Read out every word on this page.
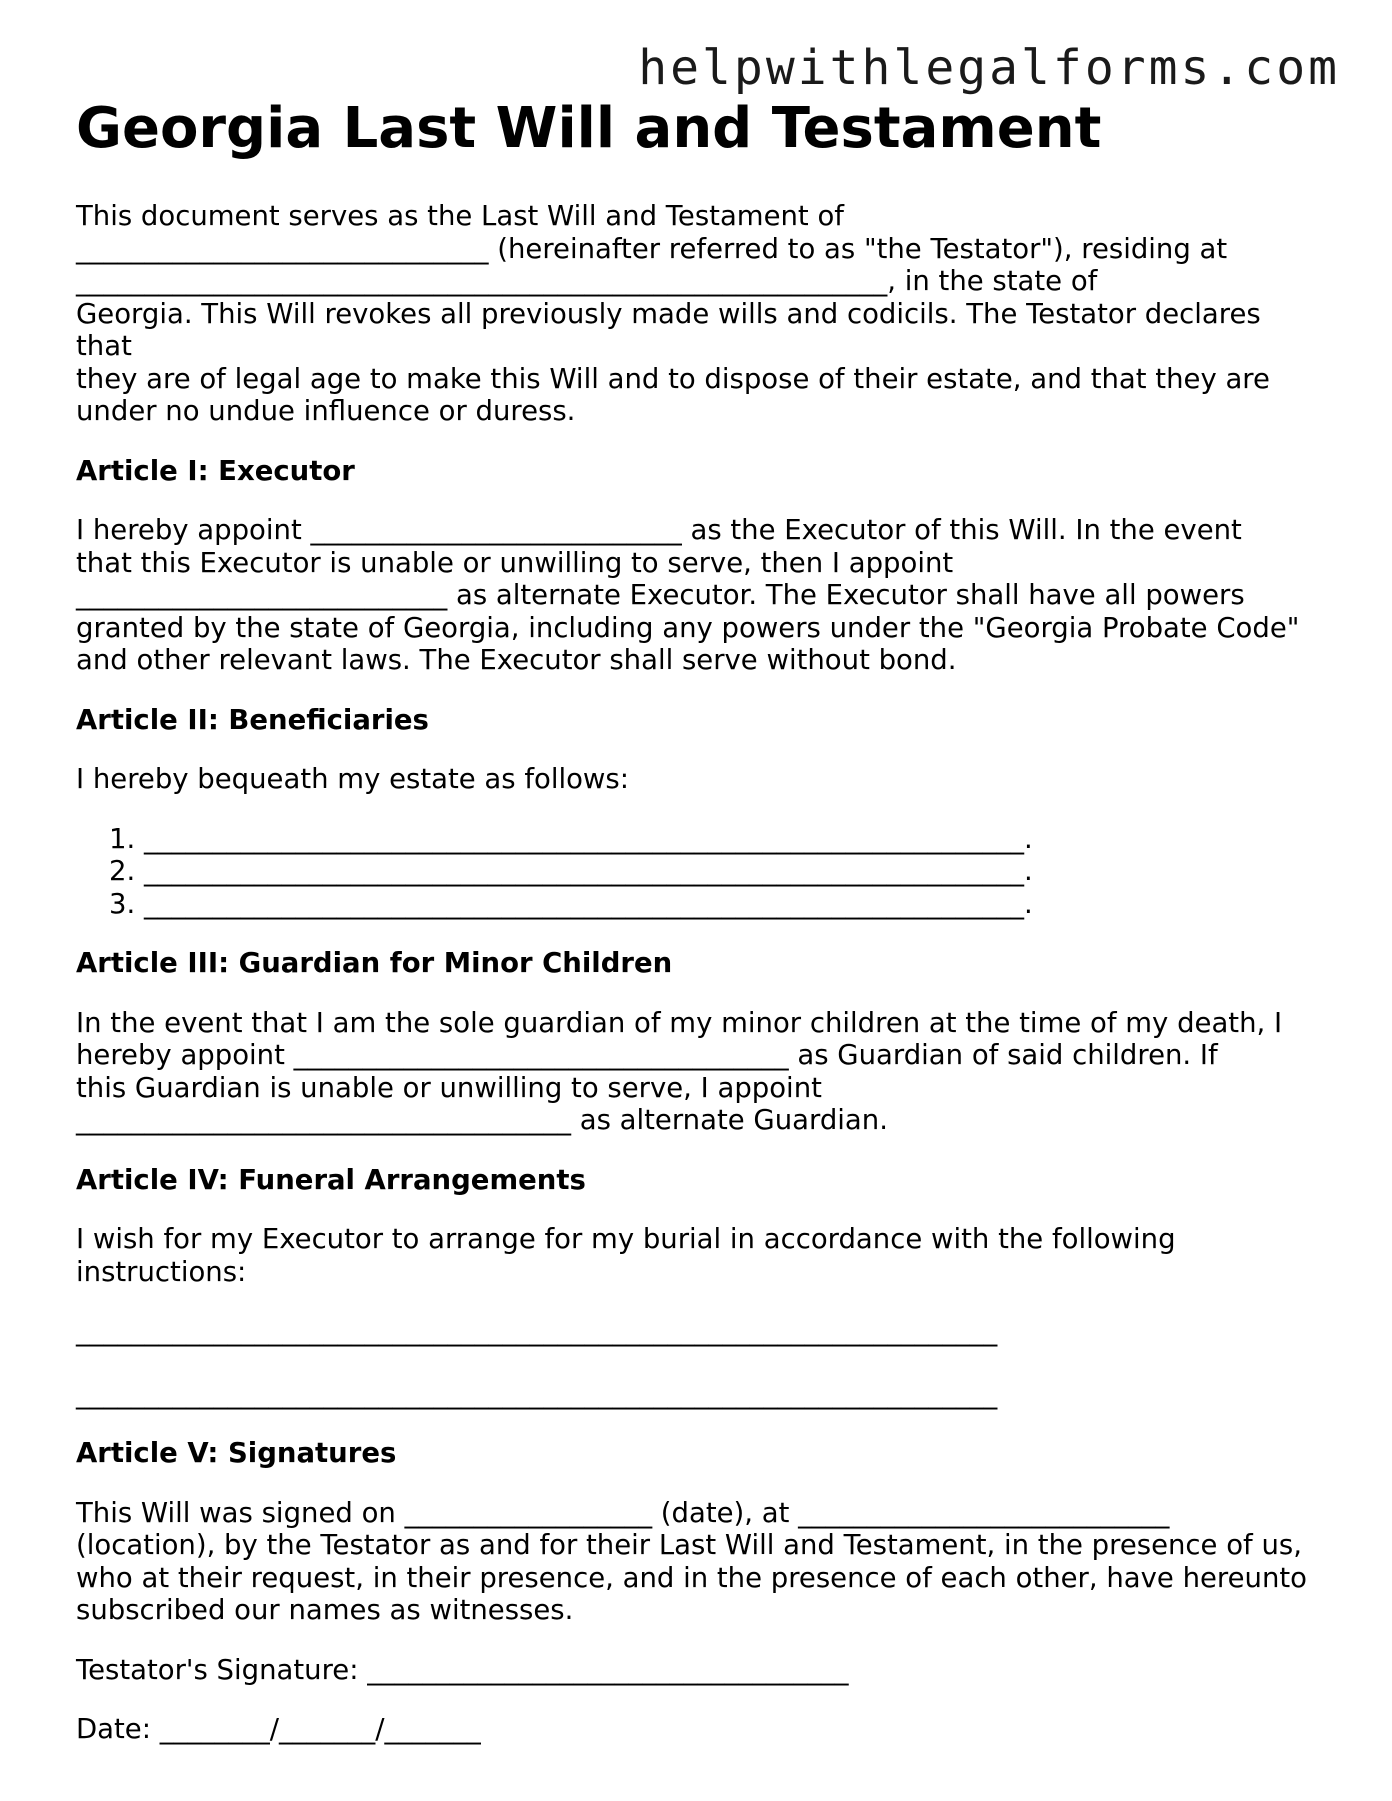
helpwithlegalforms.com
Georgia Last Will and Testament

This document serves as the Last Will and Testament of

______________________________ (hereinafter referred to as "the Testator"), residing at

___________________________________________________________, in the state of

Georgia. This Will revokes all previously made wills and codicils. The Testator declares that

they are of legal age to make this Will and to dispose of their estate, and that they are

under no undue influence or duress.

Article I: Executor

I hereby appoint ___________________________ as the Executor of this Will. In the event

that this Executor is unable or unwilling to serve, then I appoint

___________________________ as alternate Executor. The Executor shall have all powers

granted by the state of Georgia, including any powers under the "Georgia Probate Code"

and other relevant laws. The Executor shall serve without bond.

Article II: Beneficiaries

I hereby bequeath my estate as follows:

1. ________________________________________________________________.
2. ________________________________________________________________.
3. ________________________________________________________________.
Article III: Guardian for Minor Children

In the event that I am the sole guardian of my minor children at the time of my death, I

hereby appoint ____________________________________ as Guardian of said children. If

this Guardian is unable or unwilling to serve, I appoint

____________________________________ as alternate Guardian.

Article IV: Funeral Arrangements

I wish for my Executor to arrange for my burial in accordance with the following

instructions:

___________________________________________________________________

___________________________________________________________________

Article V: Signatures

This Will was signed on __________________ (date), at ___________________________

(location), by the Testator as and for their Last Will and Testament, in the presence of us,

who at their request, in their presence, and in the presence of each other, have hereunto

subscribed our names as witnesses.

Testator's Signature: ___________________________________

Date: ________/_______/_______
